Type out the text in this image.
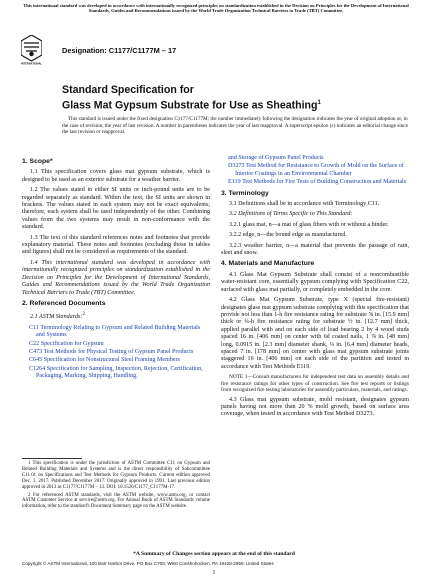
This international standard was developed in accordance with internationally recognized principles on standardization established in the Decision on Principles for the Development of International Standards, Guides and Recommendations issued by the World Trade Organization Technical Barriers to Trade (TBT) Committee.
INTERNATIONAL
Designation: C1177/C1177M – 17
Standard Specification for
Glass Mat Gypsum Substrate for Use as Sheathing$^1$
This standard is issued under the fixed designation C1177/C1177M; the number immediately following the designation indicates the year of original adoption or, in the case of revision, the year of last revision. A number in parentheses indicates the year of last reapproval. A superscript epsilon (ε) indicates an editorial change since the last revision or reapproval.
1. Scope*

1.1 This specification covers glass mat gypsum substrate, which is designed to be used as an exterior substrate for a weather barrier.

1.2 The values stated in either SI units or inch-pound units are to be regarded separately as standard. Within the text, the SI units are shown in brackets. The values stated in each system may not be exact equivalents; therefore, each system shall be used independently of the other. Combining values from the two systems may result in non-conformance with the standard.

1.3 The text of this standard references notes and footnotes that provide explanatory material. These notes and footnotes (excluding those in tables and figures) shall not be considered as requirements of the standard.

1.4 This international standard was developed in accordance with internationally recognized principles on standardization established in the Decision on Principles for the Development of International Standards, Guides and Recommendations issued by the World Trade Organization Technical Barriers to Trade (TBT) Committee.

2. Referenced Documents

2.1 ASTM Standards:$^2$

C11 Terminology Relating to Gypsum and Related Building Materials and Systems
C22 Specification for Gypsum
C473 Test Methods for Physical Testing of Gypsum Panel Products
C645 Specification for Nonstructural Steel Framing Members
C1264 Specification for Sampling, Inspection, Rejection, Certification, Packaging, Marking, Shipping, Handling,

1 This specification is under the jurisdiction of ASTM Committee C11 on Gypsum and Related Building Materials and Systems and is the direct responsibility of Subcommittee C11.01 on Specifications and Test Methods for Gypsum Products. Current edition approved Dec. 1, 2017. Published December 2017. Originally approved in 1991. Last previous edition approved in 2013 as C1177/C1177M – 13. DOI: 10.1520/C1177_C1177M-17.

2 For referenced ASTM standards, visit the ASTM website, www.astm.org, or contact ASTM Customer Service at service@astm.org. For Annual Book of ASTM Standards volume information, refer to the standard's Document Summary page on the ASTM website.

and Storage of Gypsum Panel Products
D3273 Test Method for Resistance to Growth of Mold on the Surface of Interior Coatings in an Environmental Chamber
E119 Test Methods for Fire Tests of Building Construction and Materials
3. Terminology

3.1 Definitions shall be in accordance with Terminology C11.

3.2 Definitions of Terms Specific to This Standard:

3.2.1 glass mat, n—a mat of glass fibers with or without a binder.

3.2.2 edge, n—the bound edge as manufactured.

3.2.3 weather barrier, n—a material that prevents the passage of rain, sleet and snow.

4. Materials and Manufacture

4.1 Glass Mat Gypsum Substrate shall consist of a noncombustible water-resistant core, essentially gypsum complying with Specification C22, surfaced with glass mat partially, or completely embedded in the core.

4.2 Glass Mat Gypsum Substrate, type X (special fire-resistant) designates glass mat gypsum substrate complying with this specification that provide not less than 1-h fire resistance rating for substrate ⅝ in. [15.9 mm] thick or ¾-h fire resistance rating for substrate ½ in. [12.7 mm] thick, applied parallel with and on each side of load bearing 2 by 4 wood studs spaced 16 in. [406 mm] on center with 6d coated nails, 1 ⅞ in. [48 mm] long, 0.0915 in. [2.3 mm] diameter shank, ¼ in. [6.4 mm] diameter heads, spaced 7 in. [178 mm] on center with glass mat gypsum substrate joints staggered 16 in. [406 mm] on each side of the partition and tested in accordance with Test Methods E119.

NOTE 1—Consult manufacturers for independent test data on assembly details and fire resistance ratings for other types of construction. See fire test reports or listings from recognized fire testing laboratories for assembly particulars, materials, and ratings.

4.3 Glass mat gypsum substrate, mold resistant, designates gypsum panels having not more than 20 % mold growth, based on surface area coverage, when tested in accordance with Test Method D3273.

*A Summary of Changes section appears at the end of this standard
Copyright © ASTM International, 100 Barr Harbor Drive, PO Box C700, West Conshohocken, PA 19428-2959. United States
1
